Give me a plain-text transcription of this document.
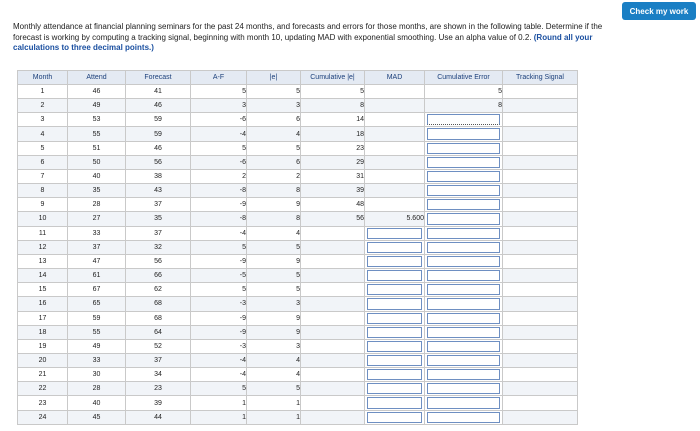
Check my work
Monthly attendance at financial planning seminars for the past 24 months, and forecasts and errors for those months, are shown in the following table. Determine if the forecast is working by computing a tracking signal, beginning with month 10, updating MAD with exponential smoothing. Use an alpha value of 0.2. (Round all your calculations to three decimal points.)
Month	Attend	Forecast	A-F	|e|	Cumulative |e|	MAD	Cumulative Error	Tracking Signal
1	46	41	5	5	5		5	
2	49	46	3	3	8		8	
3	53	59	-6	6	14		

4	55	59	-4	4	18		

5	51	46	5	5	23		

6	50	56	-6	6	29		

7	40	38	2	2	31		

8	35	43	-8	8	39		

9	28	37	-9	9	48		

10	27	35	-8	8	56	5.600	

11	33	37	-4	4		

12	37	32	5	5		

13	47	56	-9	9		

14	61	66	-5	5		

15	67	62	5	5		

16	65	68	-3	3		

17	59	68	-9	9		

18	55	64	-9	9		

19	49	52	-3	3		

20	33	37	-4	4		

21	30	34	-4	4		

22	28	23	5	5		

23	40	39	1	1		

24	45	44	1	1		
